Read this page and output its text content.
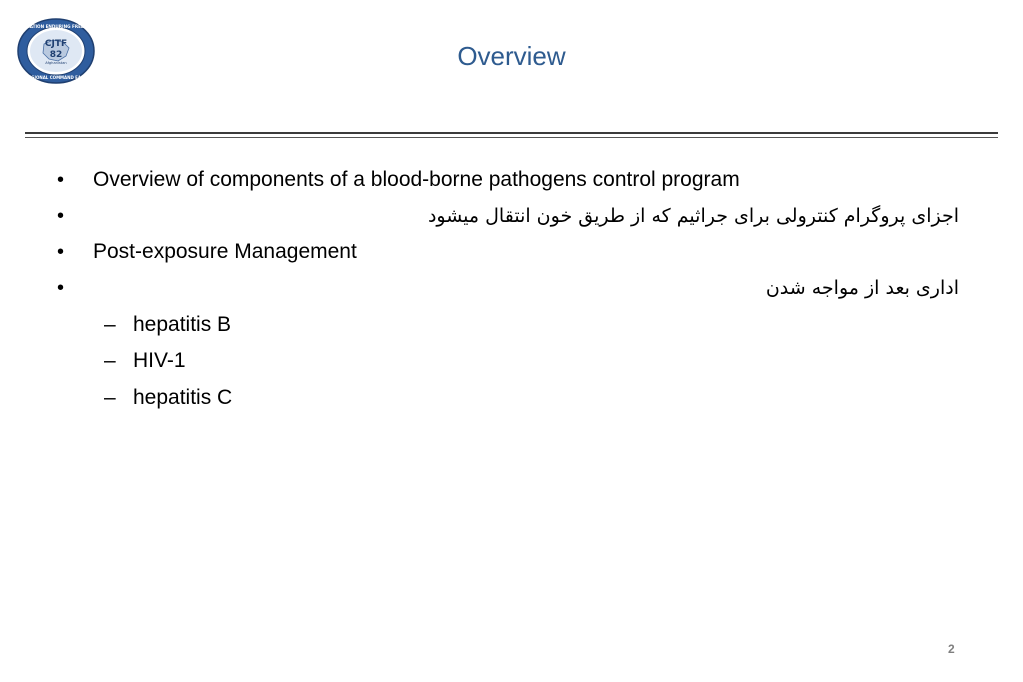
OPERATION ENDURING FREEDOM
CJTF
82
Afghanistan
REGIONAL COMMAND EAST
Overview
• Overview of components of a blood-borne pathogens control program
•	اجزای پروگرام کنترولی برای جراثیم که از طریق خون انتقال میشود
• Post-exposure Management
•	اداری بعد از مواجه شدن
– hepatitis B
– HIV-1
– hepatitis C
2
